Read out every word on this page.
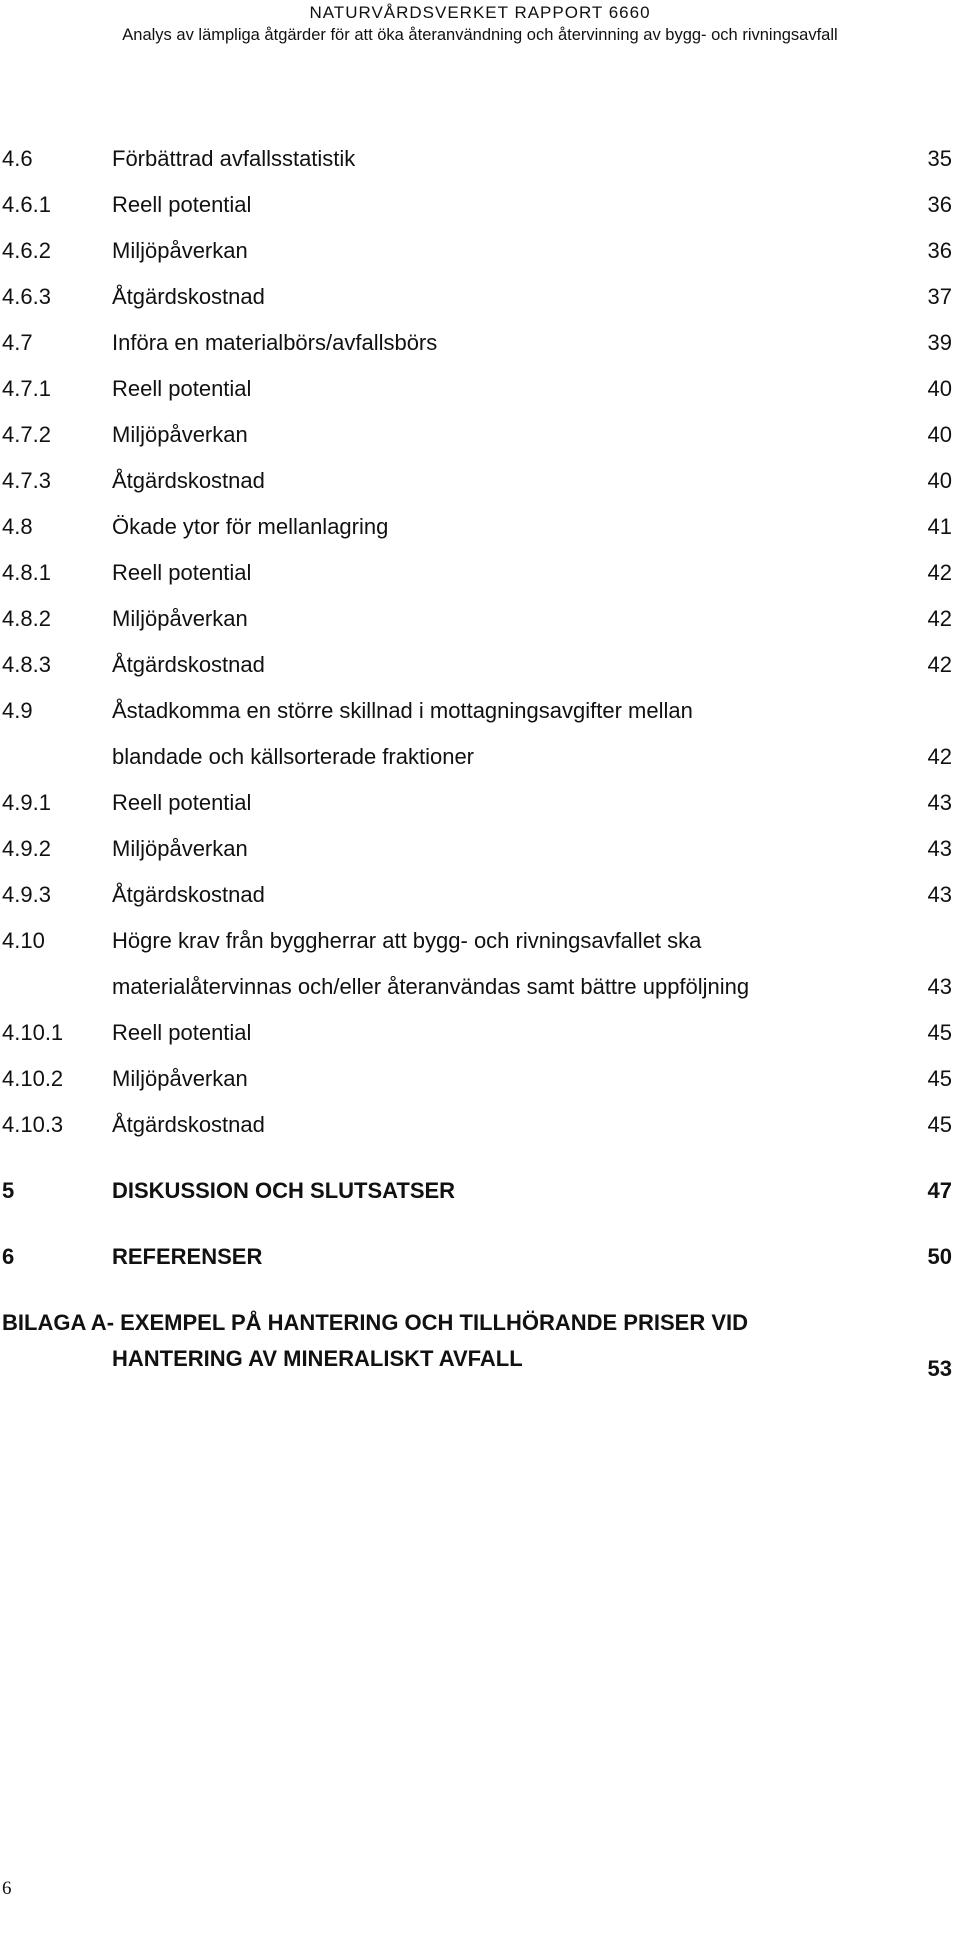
NATURVÅRDSVERKET RAPPORT 6660
Analys av lämpliga åtgärder för att öka återanvändning och återvinning av bygg- och rivningsavfall
4.6	Förbättrad avfallsstatistik	35
4.6.1	Reell potential	36
4.6.2	Miljöpåverkan	36
4.6.3	Åtgärdskostnad	37
4.7	Införa en materialbörs/avfallsbörs	39
4.7.1	Reell potential	40
4.7.2	Miljöpåverkan	40
4.7.3	Åtgärdskostnad	40
4.8	Ökade ytor för mellanlagring	41
4.8.1	Reell potential	42
4.8.2	Miljöpåverkan	42
4.8.3	Åtgärdskostnad	42
4.9	Åstadkomma en större skillnad i mottagningsavgifter mellan
blandade och källsorterade fraktioner	42
4.9.1	Reell potential	43
4.9.2	Miljöpåverkan	43
4.9.3	Åtgärdskostnad	43
4.10	Högre krav från byggherrar att bygg- och rivningsavfallet ska
materialåtervinnas och/eller återanvändas samt bättre uppföljning	43
4.10.1 Reell potential	45
4.10.2 Miljöpåverkan	45
4.10.3 Åtgärdskostnad	45
5	DISKUSSION OCH SLUTSATSER	47
6	REFERENSER	50
BILAGA A- EXEMPEL PÅ HANTERING OCH TILLHÖRANDE PRISER VID
HANTERING AV MINERALISKT AVFALL	53
6
